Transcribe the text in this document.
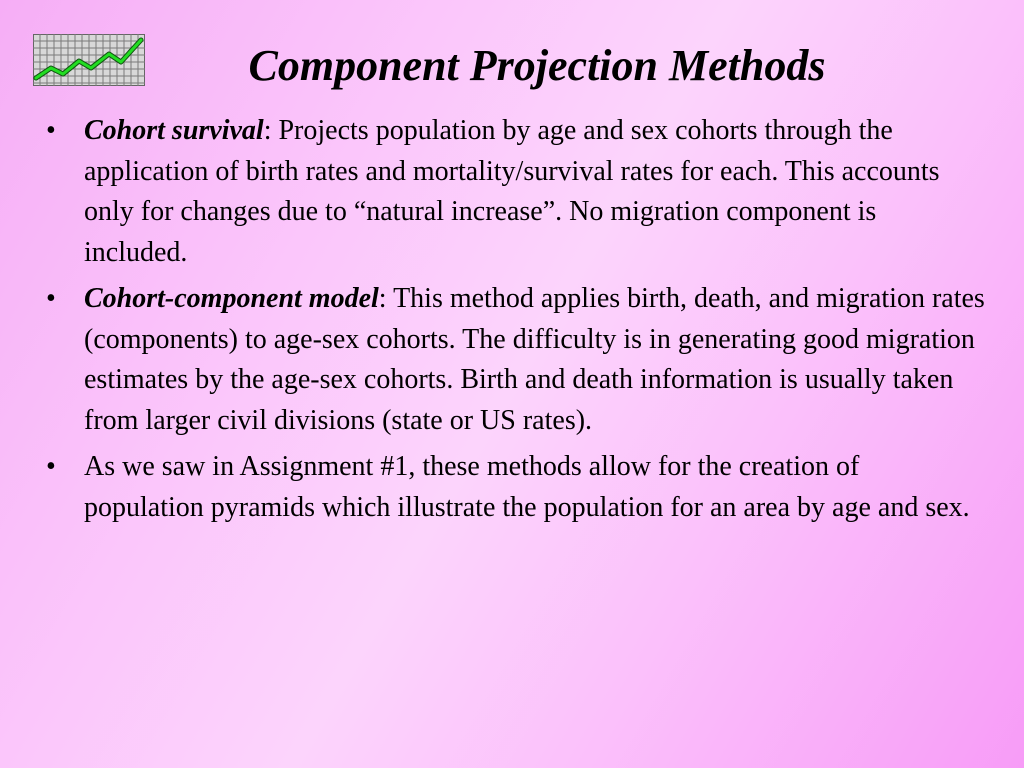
Component Projection Methods
• Cohort survival: Projects population by age and sex cohorts through the application of birth rates and mortality/survival rates for each. This accounts only for changes due to “natural increase”. No migration component is included.
• Cohort-component model: This method applies birth, death, and migration rates (components) to age-sex cohorts. The difficulty is in generating good migration estimates by the age-sex cohorts. Birth and death information is usually taken from larger civil divisions (state or US rates).
• As we saw in Assignment #1, these methods allow for the creation of population pyramids which illustrate the population for an area by age and sex.
